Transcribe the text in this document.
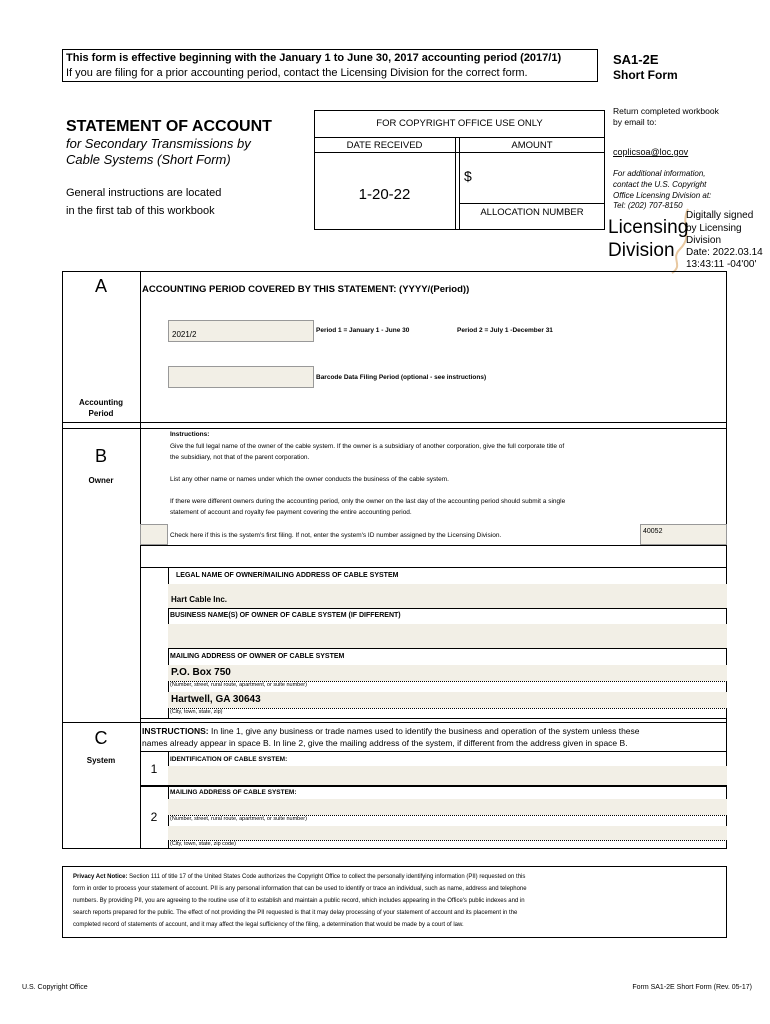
This form is effective beginning with the January 1 to June 30, 2017 accounting period (2017/1)
If you are filing for a prior accounting period, contact the Licensing Division for the correct form.
SA1-2E
Short Form
STATEMENT OF ACCOUNT
for Secondary Transmissions by
Cable Systems (Short Form)
General instructions are located
in the first tab of this workbook
FOR COPYRIGHT OFFICE USE ONLY
DATE RECEIVED	AMOUNT
1-20-22
$
ALLOCATION NUMBER
Return completed workbook
by email to:
coplicsoa@loc.gov
For additional information,
contact the U.S. Copyright
Office Licensing Division at:
Tel: (202) 707-8150
Licensing
Division
Digitally signed
by Licensing
Division
Date: 2022.03.14
13:43:11 -04'00'
A
Accounting
Period
ACCOUNTING PERIOD COVERED BY THIS STATEMENT: (YYYY/(Period))
2021/2	Period 1 = January 1 - June 30	Period 2 = July 1 -December 31
Barcode Data Filing Period (optional - see instructions)
B
Owner
Instructions:
Give the full legal name of the owner of the cable system. If the owner is a subsidiary of another corporation, give the full corporate title of
the subsidiary, not that of the parent corporation.
List any other name or names under which the owner conducts the business of the cable system.
If there were different owners during the accounting period, only the owner on the last day of the accounting period should submit a single
statement of account and royalty fee payment covering the entire accounting period.
Check here if this is the system's first filing. If not, enter the system's ID number assigned by the Licensing Division.
40052
LEGAL NAME OF OWNER/MAILING ADDRESS OF CABLE SYSTEM
Hart Cable Inc.
BUSINESS NAME(S) OF OWNER OF CABLE SYSTEM (IF DIFFERENT)
MAILING ADDRESS OF OWNER OF CABLE SYSTEM
P.O. Box 750
(Number, street, rural route, apartment, or suite number)
Hartwell, GA 30643
(City, town, state, zip)
C
System
INSTRUCTIONS: In line 1, give any business or trade names used to identify the business and operation of the system unless these
names already appear in space B. In line 2, give the mailing address of the system, if different from the address given in space B.
1
IDENTIFICATION OF CABLE SYSTEM:
2
MAILING ADDRESS OF CABLE SYSTEM:
(Number, street, rural route, apartment, or suite number)
(City, town, state, zip code)
Privacy Act Notice: Section 111 of title 17 of the United States Code authorizes the Copyright Office to collect the personally identifying information (PII) requested on this
form in order to process your statement of account. PII is any personal information that can be used to identify or trace an individual, such as name, address and telephone
numbers. By providing PII, you are agreeing to the routine use of it to establish and maintain a public record, which includes appearing in the Office's public indexes and in
search reports prepared for the public. The effect of not providing the PII requested is that it may delay processing of your statement of account and its placement in the
completed record of statements of account, and it may affect the legal sufficiency of the filing, a determination that would be made by a court of law.
U.S. Copyright Office	Form SA1-2E Short Form (Rev. 05-17)
